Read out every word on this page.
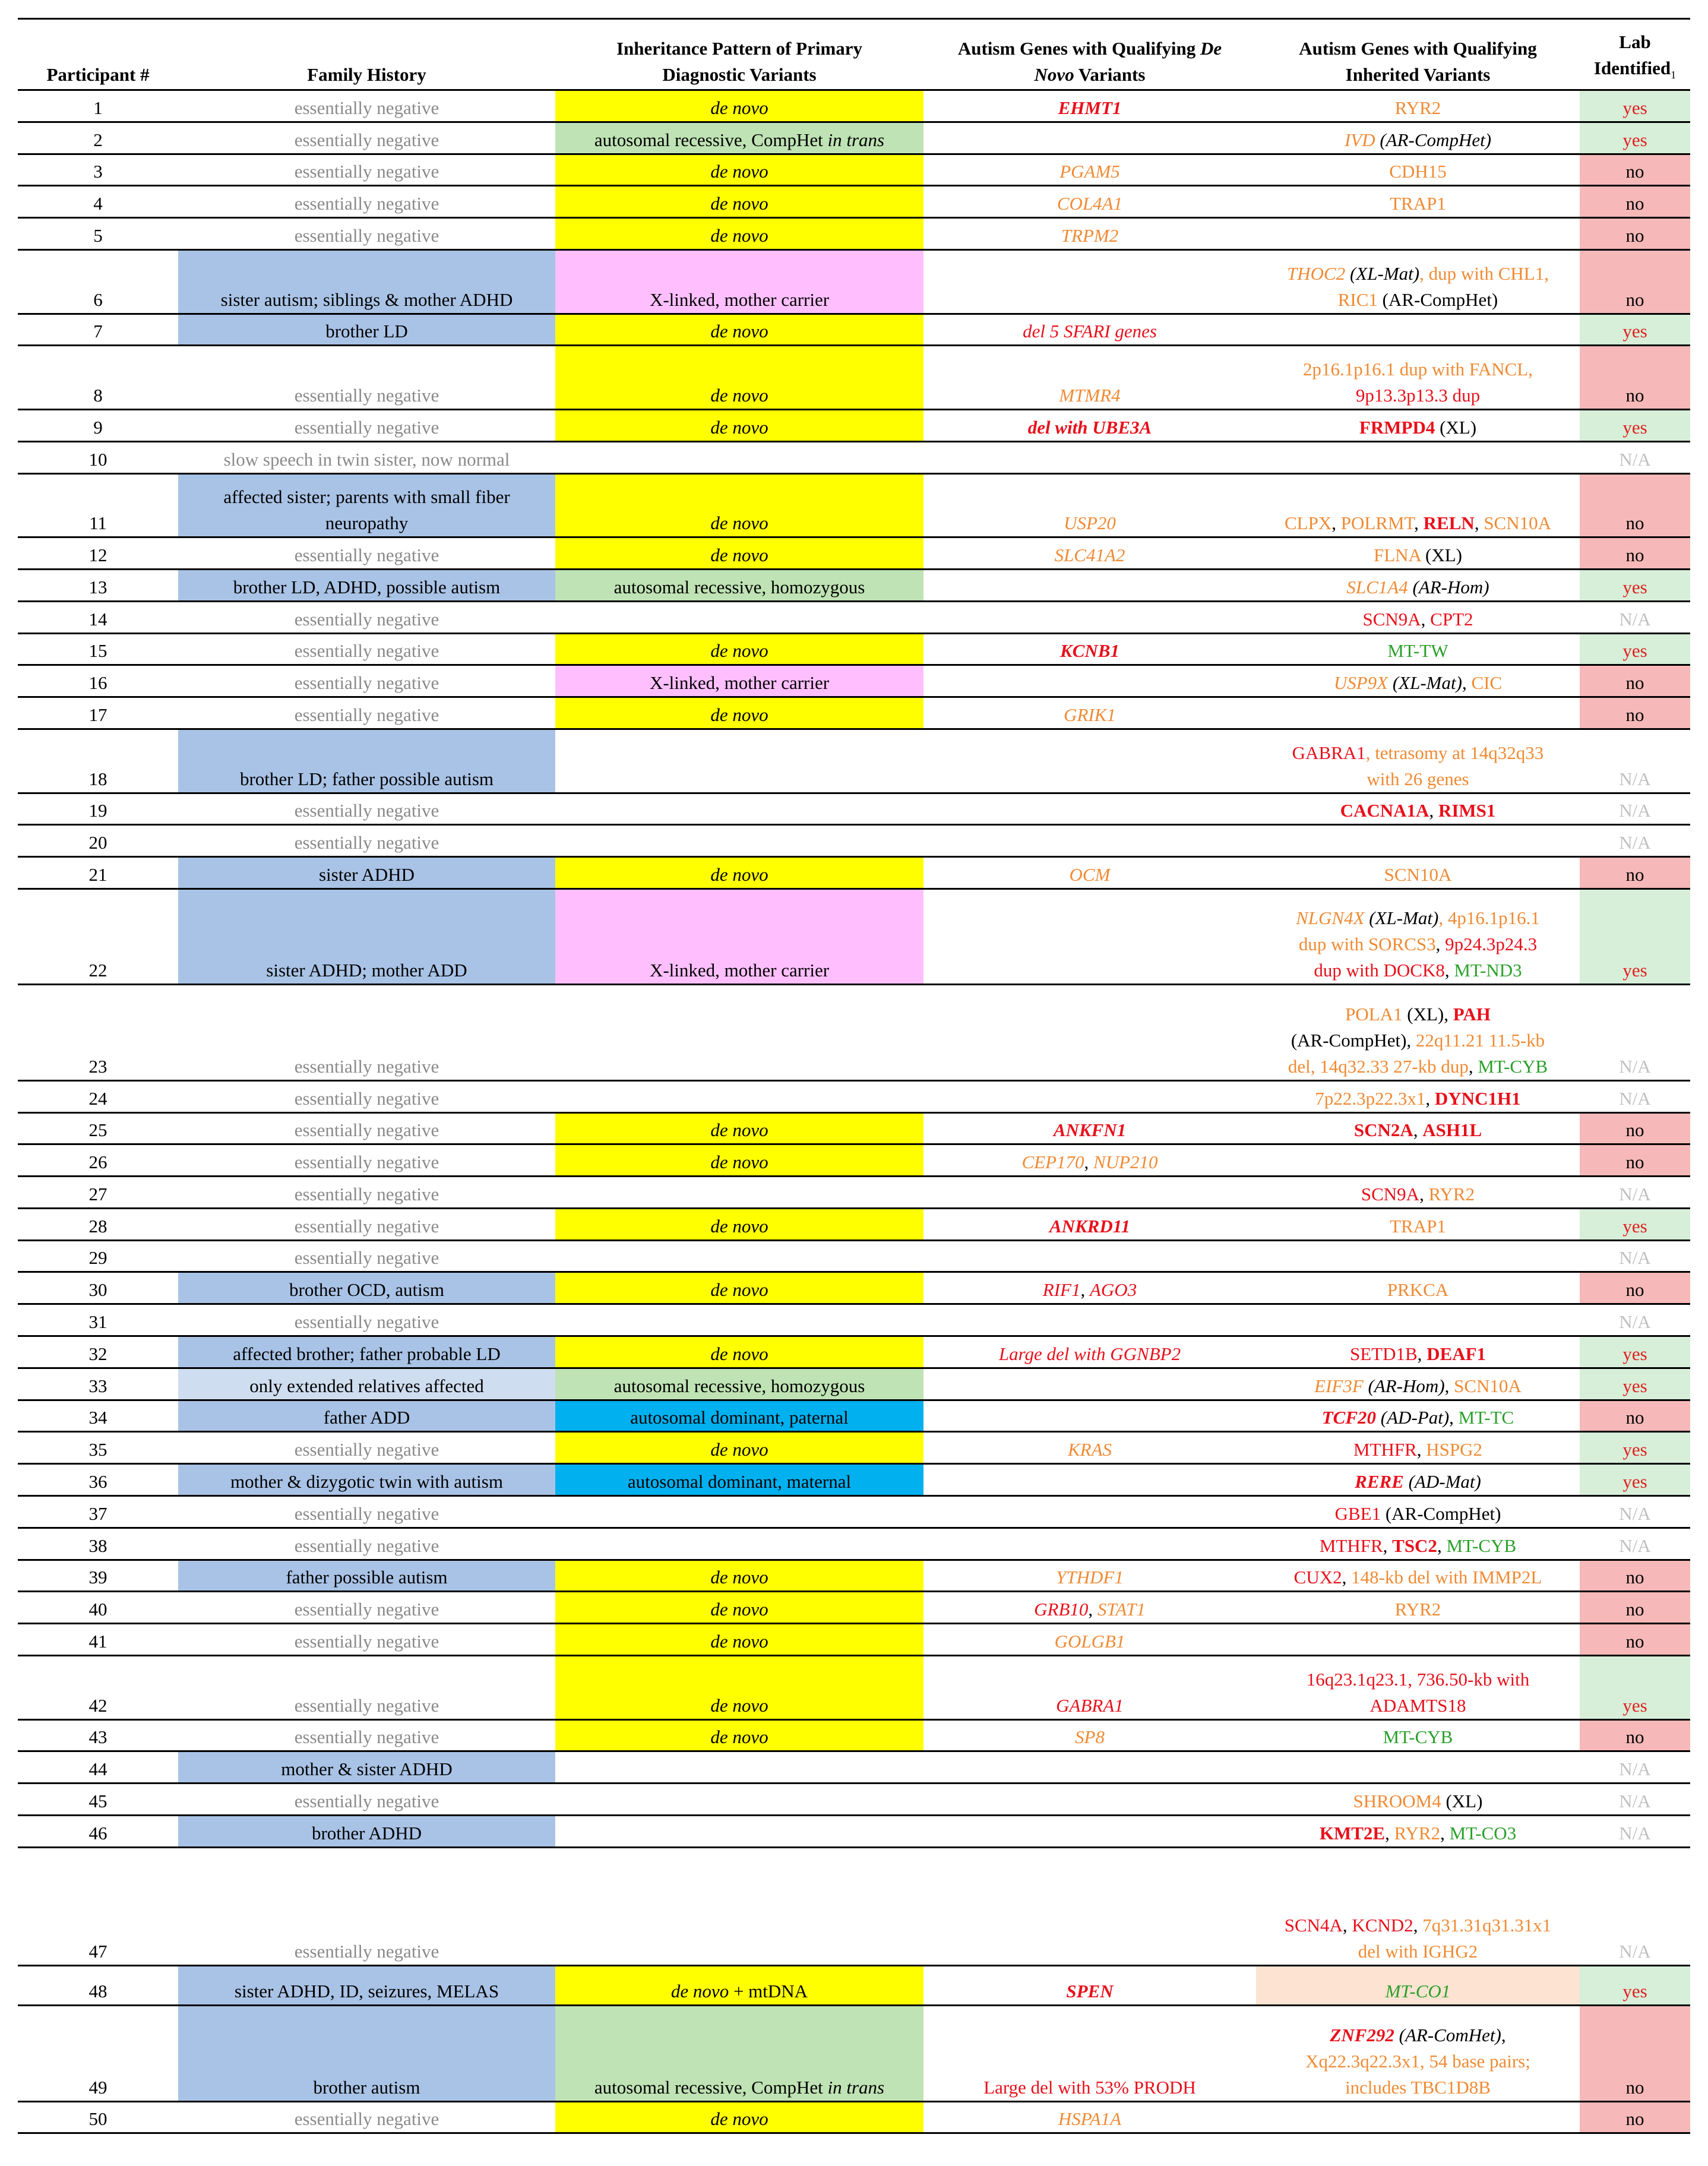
Participant #	Family History	Inheritance Pattern of Primary
Diagnostic Variants	Autism Genes with Qualifying De
Novo Variants	Autism Genes with Qualifying
Inherited Variants	Lab
Identified$_1$
1	essentially negative	de novo	EHMT1	RYR2	yes
2	essentially negative	autosomal recessive, CompHet in trans		IVD (AR-CompHet)	yes
3	essentially negative	de novo	PGAM5	CDH15	no
4	essentially negative	de novo	COL4A1	TRAP1	no
5	essentially negative	de novo	TRPM2		no
6	sister autism; siblings & mother ADHD	X-linked, mother carrier		THOC2 (XL-Mat), dup with CHL1,
RIC1 (AR-CompHet)	no
7	brother LD	de novo	del 5 SFARI genes		yes
8	essentially negative	de novo	MTMR4	2p16.1p16.1 dup with FANCL,
9p13.3p13.3 dup	no
9	essentially negative	de novo	del with UBE3A	FRMPD4 (XL)	yes
10	slow speech in twin sister, now normal				N/A
11	affected sister; parents with small fiber neuropathy	de novo	USP20	CLPX, POLRMT, RELN, SCN10A	no
12	essentially negative	de novo	SLC41A2	FLNA (XL)	no
13	brother LD, ADHD, possible autism	autosomal recessive, homozygous		SLC1A4 (AR-Hom)	yes
14	essentially negative			SCN9A, CPT2	N/A
15	essentially negative	de novo	KCNB1	MT-TW	yes
16	essentially negative	X-linked, mother carrier		USP9X (XL-Mat), CIC	no
17	essentially negative	de novo	GRIK1		no
18	brother LD; father possible autism			GABRA1, tetrasomy at 14q32q33
with 26 genes	N/A
19	essentially negative			CACNA1A, RIMS1	N/A
20	essentially negative				N/A
21	sister ADHD	de novo	OCM	SCN10A	no
22	sister ADHD; mother ADD	X-linked, mother carrier		NLGN4X (XL-Mat), 4p16.1p16.1
dup with SORCS3, 9p24.3p24.3
dup with DOCK8, MT-ND3	yes
23	essentially negative			POLA1 (XL), PAH
(AR-CompHet), 22q11.21 11.5-kb
del, 14q32.33 27-kb dup, MT-CYB	N/A
24	essentially negative			7p22.3p22.3x1, DYNC1H1	N/A
25	essentially negative	de novo	ANKFN1	SCN2A, ASH1L	no
26	essentially negative	de novo	CEP170, NUP210		no
27	essentially negative			SCN9A, RYR2	N/A
28	essentially negative	de novo	ANKRD11	TRAP1	yes
29	essentially negative				N/A
30	brother OCD, autism	de novo	RIF1, AGO3	PRKCA	no
31	essentially negative				N/A
32	affected brother; father probable LD	de novo	Large del with GGNBP2	SETD1B, DEAF1	yes
33	only extended relatives affected	autosomal recessive, homozygous		EIF3F (AR-Hom), SCN10A	yes
34	father ADD	autosomal dominant, paternal		TCF20 (AD-Pat), MT-TC	no
35	essentially negative	de novo	KRAS	MTHFR, HSPG2	yes
36	mother & dizygotic twin with autism	autosomal dominant, maternal		RERE (AD-Mat)	yes
37	essentially negative			GBE1 (AR-CompHet)	N/A
38	essentially negative			MTHFR, TSC2, MT-CYB	N/A
39	father possible autism	de novo	YTHDF1	CUX2, 148-kb del with IMMP2L	no
40	essentially negative	de novo	GRB10, STAT1	RYR2	no
41	essentially negative	de novo	GOLGB1		no
42	essentially negative	de novo	GABRA1	16q23.1q23.1, 736.50-kb with
ADAMTS18	yes
43	essentially negative	de novo	SP8	MT-CYB	no
44	mother & sister ADHD				N/A
45	essentially negative			SHROOM4 (XL)	N/A
46	brother ADHD			KMT2E, RYR2, MT-CO3	N/A
47	essentially negative			SCN4A, KCND2, 7q31.31q31.31x1
del with IGHG2	N/A
48	sister ADHD, ID, seizures, MELAS	de novo + mtDNA	SPEN	MT-CO1	yes
49	brother autism	autosomal recessive, CompHet in trans	Large del with 53% PRODH	ZNF292 (AR-ComHet),
Xq22.3q22.3x1, 54 base pairs;
includes TBC1D8B	no
50	essentially negative	de novo	HSPA1A		no
